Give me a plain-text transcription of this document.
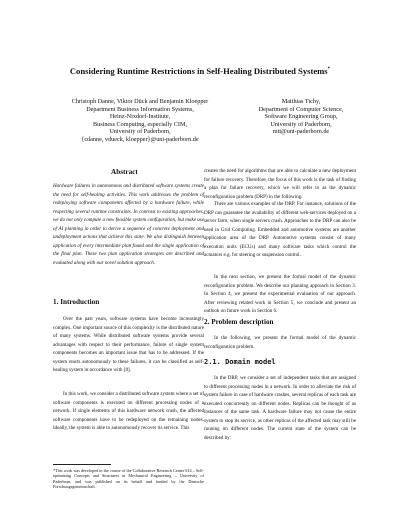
Considering Runtime Restrictions in Self-Healing Distributed Systems*
Christoph Danne, Viktor Dück and Benjamin Kloepper
Department Business Information Systems,
Heinz-Nixdorf-Institute,
Business Computing, especially CIM,
University of Paderborn,
{cdanne, vdueck, kloepper}@uni-paderborn.de
Matthias Tichy,
Department of Computer Science,
Software Engineering Group,
University of Paderborn,
mtt@uni-paderborn.de
Abstract

Hardware failures in autonomous and distributed software systems create the need for self-healing activities. This work addresses the problem of redeploying software components affected by a hardware failure, while respecting several runtime constraints. In contrast to existing approaches, we do not only compute a new feasible system configuration, but make use of AI planning in order to derive a sequence of concrete deployment and undeployment actions that achieve this state. We also distinguish between application of every intermediate plan found and the single application of the final plan. These two plan application strategies are described and evaluated along with our novel solution approach.

1. Introduction

Over the past years, software systems have become increasingly complex. One important source of this complexity is the distributed nature of many systems. While distributed software systems provide several advantages with respect to their performance, failure of single system components becomes an important issue that has to be addressed. If the system reacts autonomously to these failures, it can be classified as self-healing system in accordance with [8].

In this work, we consider a distributed software system where a set of software components is executed on different processing nodes of a network. If single elements of this hardware network crash, the affected software components have to be redeployed on the remaining nodes. Ideally, the system is able to autonomously recover its service. This

*This work was developed in the course of the Collaborative Research Center 614 – Self-optimizing Concepts and Structures in Mechanical Engineering – University of Paderborn, and was published on its behalf and funded by the Deutsche Forschungsgemeinschaft.

creates the need for algorithms that are able to calculate a new deployment for failure recovery. Therefore, the focus of this work is the task of finding a plan for failure recovery, which we will refer to as the dynamic reconfiguration problem (DRP) in the following.

There are various examples of the DRP. For instance, solutions of the DRP can guarantee the availability of different web-services deployed on a server farm, when single servers crash. Approaches to the DRP can also be used in Grid Computing. Embedded and automotive systems are another application area of the DRP. Automotive systems consist of many execution units (ECUs) and many software tasks which control the actuators e.g. for steering or suspension control.

In the next section, we present the formal model of the dynamic reconfiguration problem. We describe our planning approach in Section 3. In Section 4, we present the experimental evaluation of our approach. After reviewing related work in Section 5, we conclude and present an outlook on future work in Section 6.

2. Problem description

In the following, we present the formal model of the dynamic reconfiguration problem.

2.1. Domain model

In the DRP, we consider a set of independent tasks that are assigned to different processing nodes in a network. In order to alleviate the risk of system failure in case of hardware crashes, several replicas of each task are executed concurrently on different nodes. Replicas can be thought of as instances of the same task. A hardware failure may not cause the entire system to stop its service, as other replicas of the affected task may still be running on different nodes. The current state of the system can be described by:
